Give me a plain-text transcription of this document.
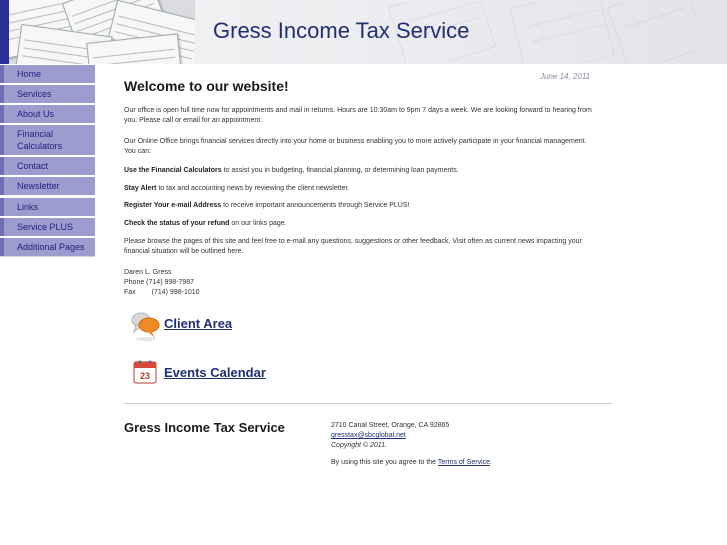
Gress Income Tax Service
Home
Services
About Us
Financial Calculators
Contact
Newsletter
Links
Service PLUS
Additional Pages
June 14, 2011
Welcome to our website!

Our office is open full time now for appointments and mail in returns. Hours are 10:30am to 9pm 7 days a week. We are looking forward to hearing from you. Please call or email for an appointment.

Our Online Office brings financial services directly into your home or business enabling you to more actively participate in your financial management. You can:

Use the Financial Calculators to assist you in budgeting, financial planning, or determining loan payments.

Stay Alert to tax and accounting news by reviewing the client newsletter.

Register Your e-mail Address to receive important announcements through Service PLUS!

Check the status of your refund on our links page.

Please browse the pages of this site and feel free to e-mail any questions, suggestions or other feedback. Visit often as current news impacting your financial situation will be outlined here.

Daren L. Gress

Phone (714) 998-7987

Fax (714) 998-1010

Client Area
23 Events Calendar
Gress Income Tax Service	2710 Canal Street, Orange, CA 92865
gresstax@sbcglobal.net
Copyright © 2011.
By using this site you agree to the Terms of Service.
